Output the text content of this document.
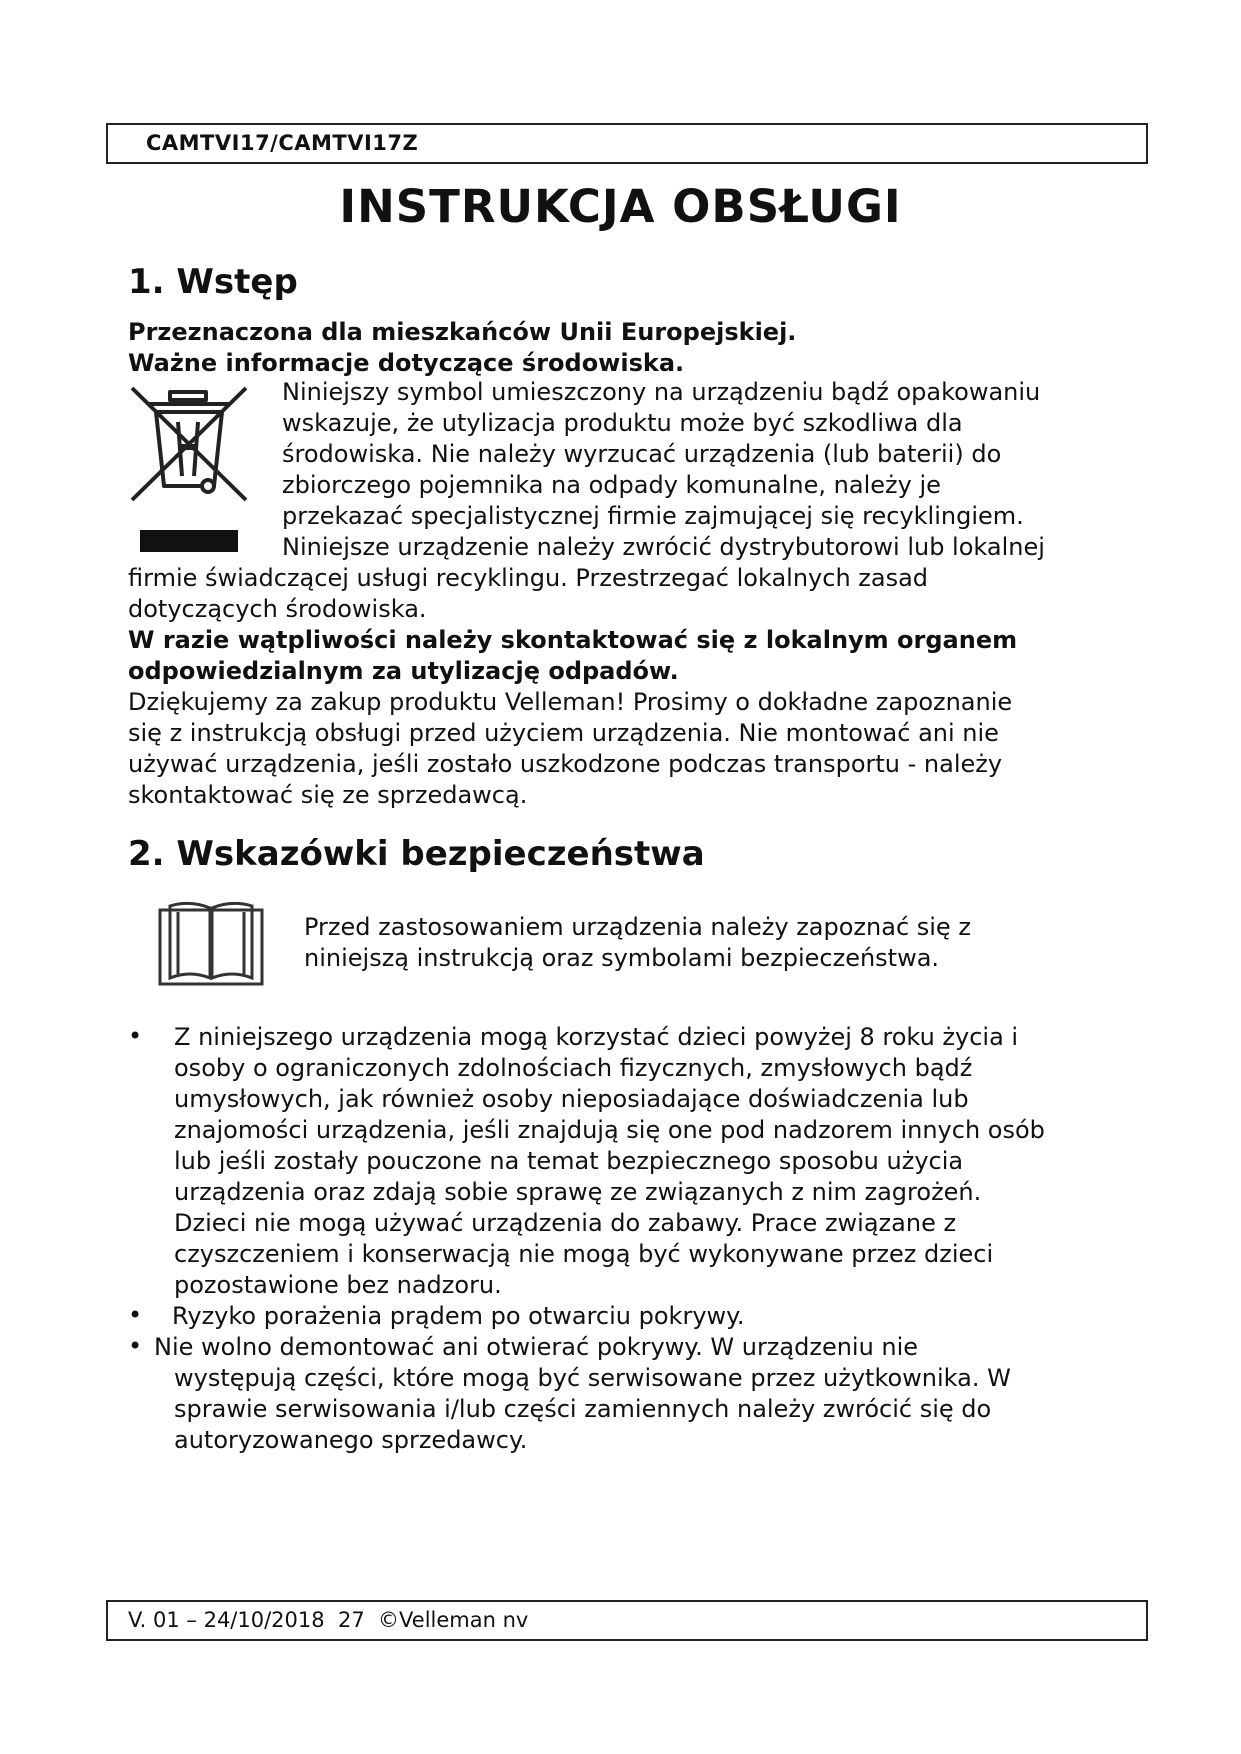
CAMTVI17/CAMTVI17Z
INSTRUKCJA OBSŁUGI
1. Wstęp

Przeznaczona dla mieszkańców Unii Europejskiej.

Ważne informacje dotyczące środowiska.

Niniejszy symbol umieszczony na urządzeniu bądź opakowaniu

wskazuje, że utylizacja produktu może być szkodliwa dla

środowiska. Nie należy wyrzucać urządzenia (lub baterii) do

zbiorczego pojemnika na odpady komunalne, należy je

przekazać specjalistycznej firmie zajmującej się recyklingiem.

Niniejsze urządzenie należy zwrócić dystrybutorowi lub lokalnej

firmie świadczącej usługi recyklingu. Przestrzegać lokalnych zasad

dotyczących środowiska.

W razie wątpliwości należy skontaktować się z lokalnym organem

odpowiedzialnym za utylizację odpadów.

Dziękujemy za zakup produktu Velleman! Prosimy o dokładne zapoznanie

się z instrukcją obsługi przed użyciem urządzenia. Nie montować ani nie

używać urządzenia, jeśli zostało uszkodzone podczas transportu - należy

skontaktować się ze sprzedawcą.

2. Wskazówki bezpieczeństwa

Przed zastosowaniem urządzenia należy zapoznać się z

niniejszą instrukcją oraz symbolami bezpieczeństwa.

• Z niniejszego urządzenia mogą korzystać dzieci powyżej 8 roku życia i

osoby o ograniczonych zdolnościach fizycznych, zmysłowych bądź

umysłowych, jak również osoby nieposiadające doświadczenia lub

znajomości urządzenia, jeśli znajdują się one pod nadzorem innych osób

lub jeśli zostały pouczone na temat bezpiecznego sposobu użycia

urządzenia oraz zdają sobie sprawę ze związanych z nim zagrożeń.

Dzieci nie mogą używać urządzenia do zabawy. Prace związane z

czyszczeniem i konserwacją nie mogą być wykonywane przez dzieci

pozostawione bez nadzoru.

• Ryzyko porażenia prądem po otwarciu pokrywy.

• Nie wolno demontować ani otwierać pokrywy. W urządzeniu nie

występują części, które mogą być serwisowane przez użytkownika. W

sprawie serwisowania i/lub części zamiennych należy zwrócić się do

autoryzowanego sprzedawcy.

V. 01 – 24/10/2018  27  ©Velleman nv
